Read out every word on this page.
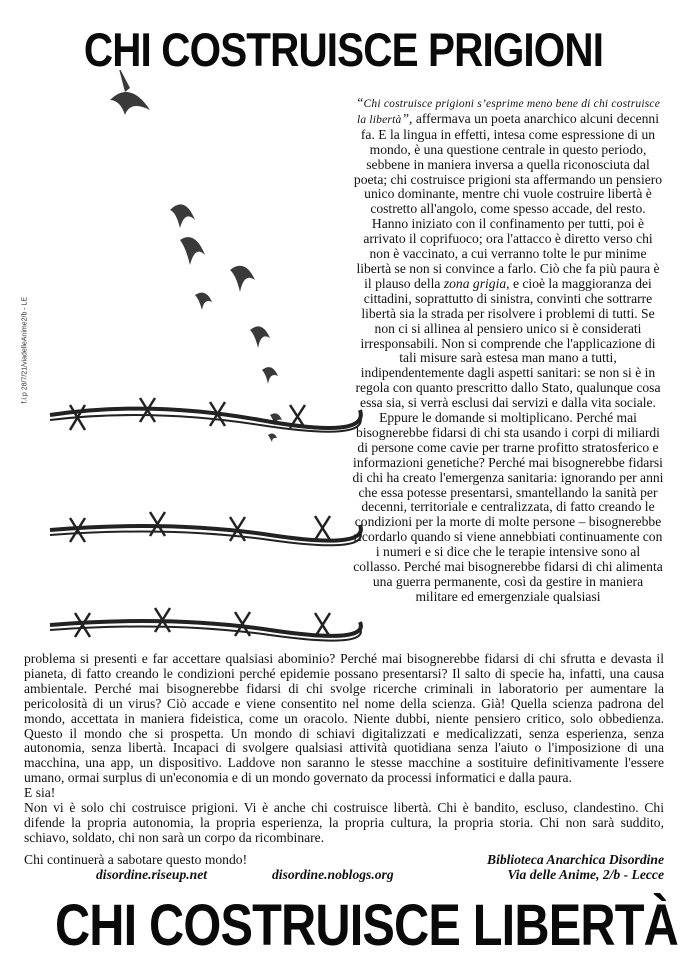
CHI COSTRUISCE PRIGIONI
f.i.p 28/7/21/viadelleAnime2/b - LE

“Chi costruisce prigioni s’esprime meno bene di chi costruisce la libertà”, affermava un poeta anarchico alcuni decenni fa. E la lingua in effetti, intesa come espressione di un mondo, è una questione centrale in questo periodo, sebbene in maniera inversa a quella riconosciuta dal poeta; chi costruisce prigioni sta affermando un pensiero unico dominante, mentre chi vuole costruire libertà è costretto all'angolo, come spesso accade, del resto. Hanno iniziato con il confinamento per tutti, poi è arrivato il coprifuoco; ora l'attacco è diretto verso chi non è vaccinato, a cui verranno tolte le pur minime libertà se non si convince a farlo. Ciò che fa più paura è il plauso della zona grigia, e cioè la maggioranza dei cittadini, soprattutto di sinistra, convinti che sottrarre libertà sia la strada per risolvere i problemi di tutti. Se non ci si allinea al pensiero unico si è considerati irresponsabili. Non si comprende che l'applicazione di tali misure sarà estesa man mano a tutti, indipendentemente dagli aspetti sanitari: se non si è in regola con quanto prescritto dallo Stato, qualunque cosa essa sia, si verrà esclusi dai servizi e dalla vita sociale. Eppure le domande si moltiplicano. Perché mai bisognerebbe fidarsi di chi sta usando i corpi di miliardi di persone come cavie per trarne profitto stratosferico e informazioni genetiche? Perché mai bisognerebbe fidarsi di chi ha creato l'emergenza sanitaria: ignorando per anni che essa potesse presentarsi, smantellando la sanità per decenni, territoriale e centralizzata, di fatto creando le condizioni per la morte di molte persone – bisognerebbe ricordarlo quando si viene annebbiati continuamente con i numeri e si dice che le terapie intensive sono al collasso. Perché mai bisognerebbe fidarsi di chi alimenta una guerra permanente, così da gestire in maniera militare ed emergenziale qualsiasi

problema si presenti e far accettare qualsiasi abominio? Perché mai bisognerebbe fidarsi di chi sfrutta e devasta il pianeta, di fatto creando le condizioni perché epidemie possano presentarsi? Il salto di specie ha, infatti, una causa ambientale. Perché mai bisognerebbe fidarsi di chi svolge ricerche criminali in laboratorio per aumentare la pericolosità di un virus? Ciò accade e viene consentito nel nome della scienza. Già! Quella scienza padrona del mondo, accettata in maniera fideistica, come un oracolo. Niente dubbi, niente pensiero critico, solo obbedienza. Questo il mondo che si prospetta. Un mondo di schiavi digitalizzati e medicalizzati, senza esperienza, senza autonomia, senza libertà. Incapaci di svolgere qualsiasi attività quotidiana senza l'aiuto o l'imposizione di una macchina, una app, un dispositivo. Laddove non saranno le stesse macchine a sostituire definitivamente l'essere umano, ormai surplus di un'economia e di un mondo governato da processi informatici e dalla paura.

E sia!

Non vi è solo chi costruisce prigioni. Vi è anche chi costruisce libertà. Chi è bandito, escluso, clandestino. Chi difende la propria autonomia, la propria esperienza, la propria cultura, la propria storia. Chi non sarà suddito, schiavo, soldato, chi non sarà un corpo da ricombinare.

Chi continuerà a sabotare questo mondo!	Biblioteca Anarchica Disordine
disordine.riseup.net	disordine.noblogs.org	Via delle Anime, 2/b - Lecce
CHI COSTRUISCE LIBERTÀ
